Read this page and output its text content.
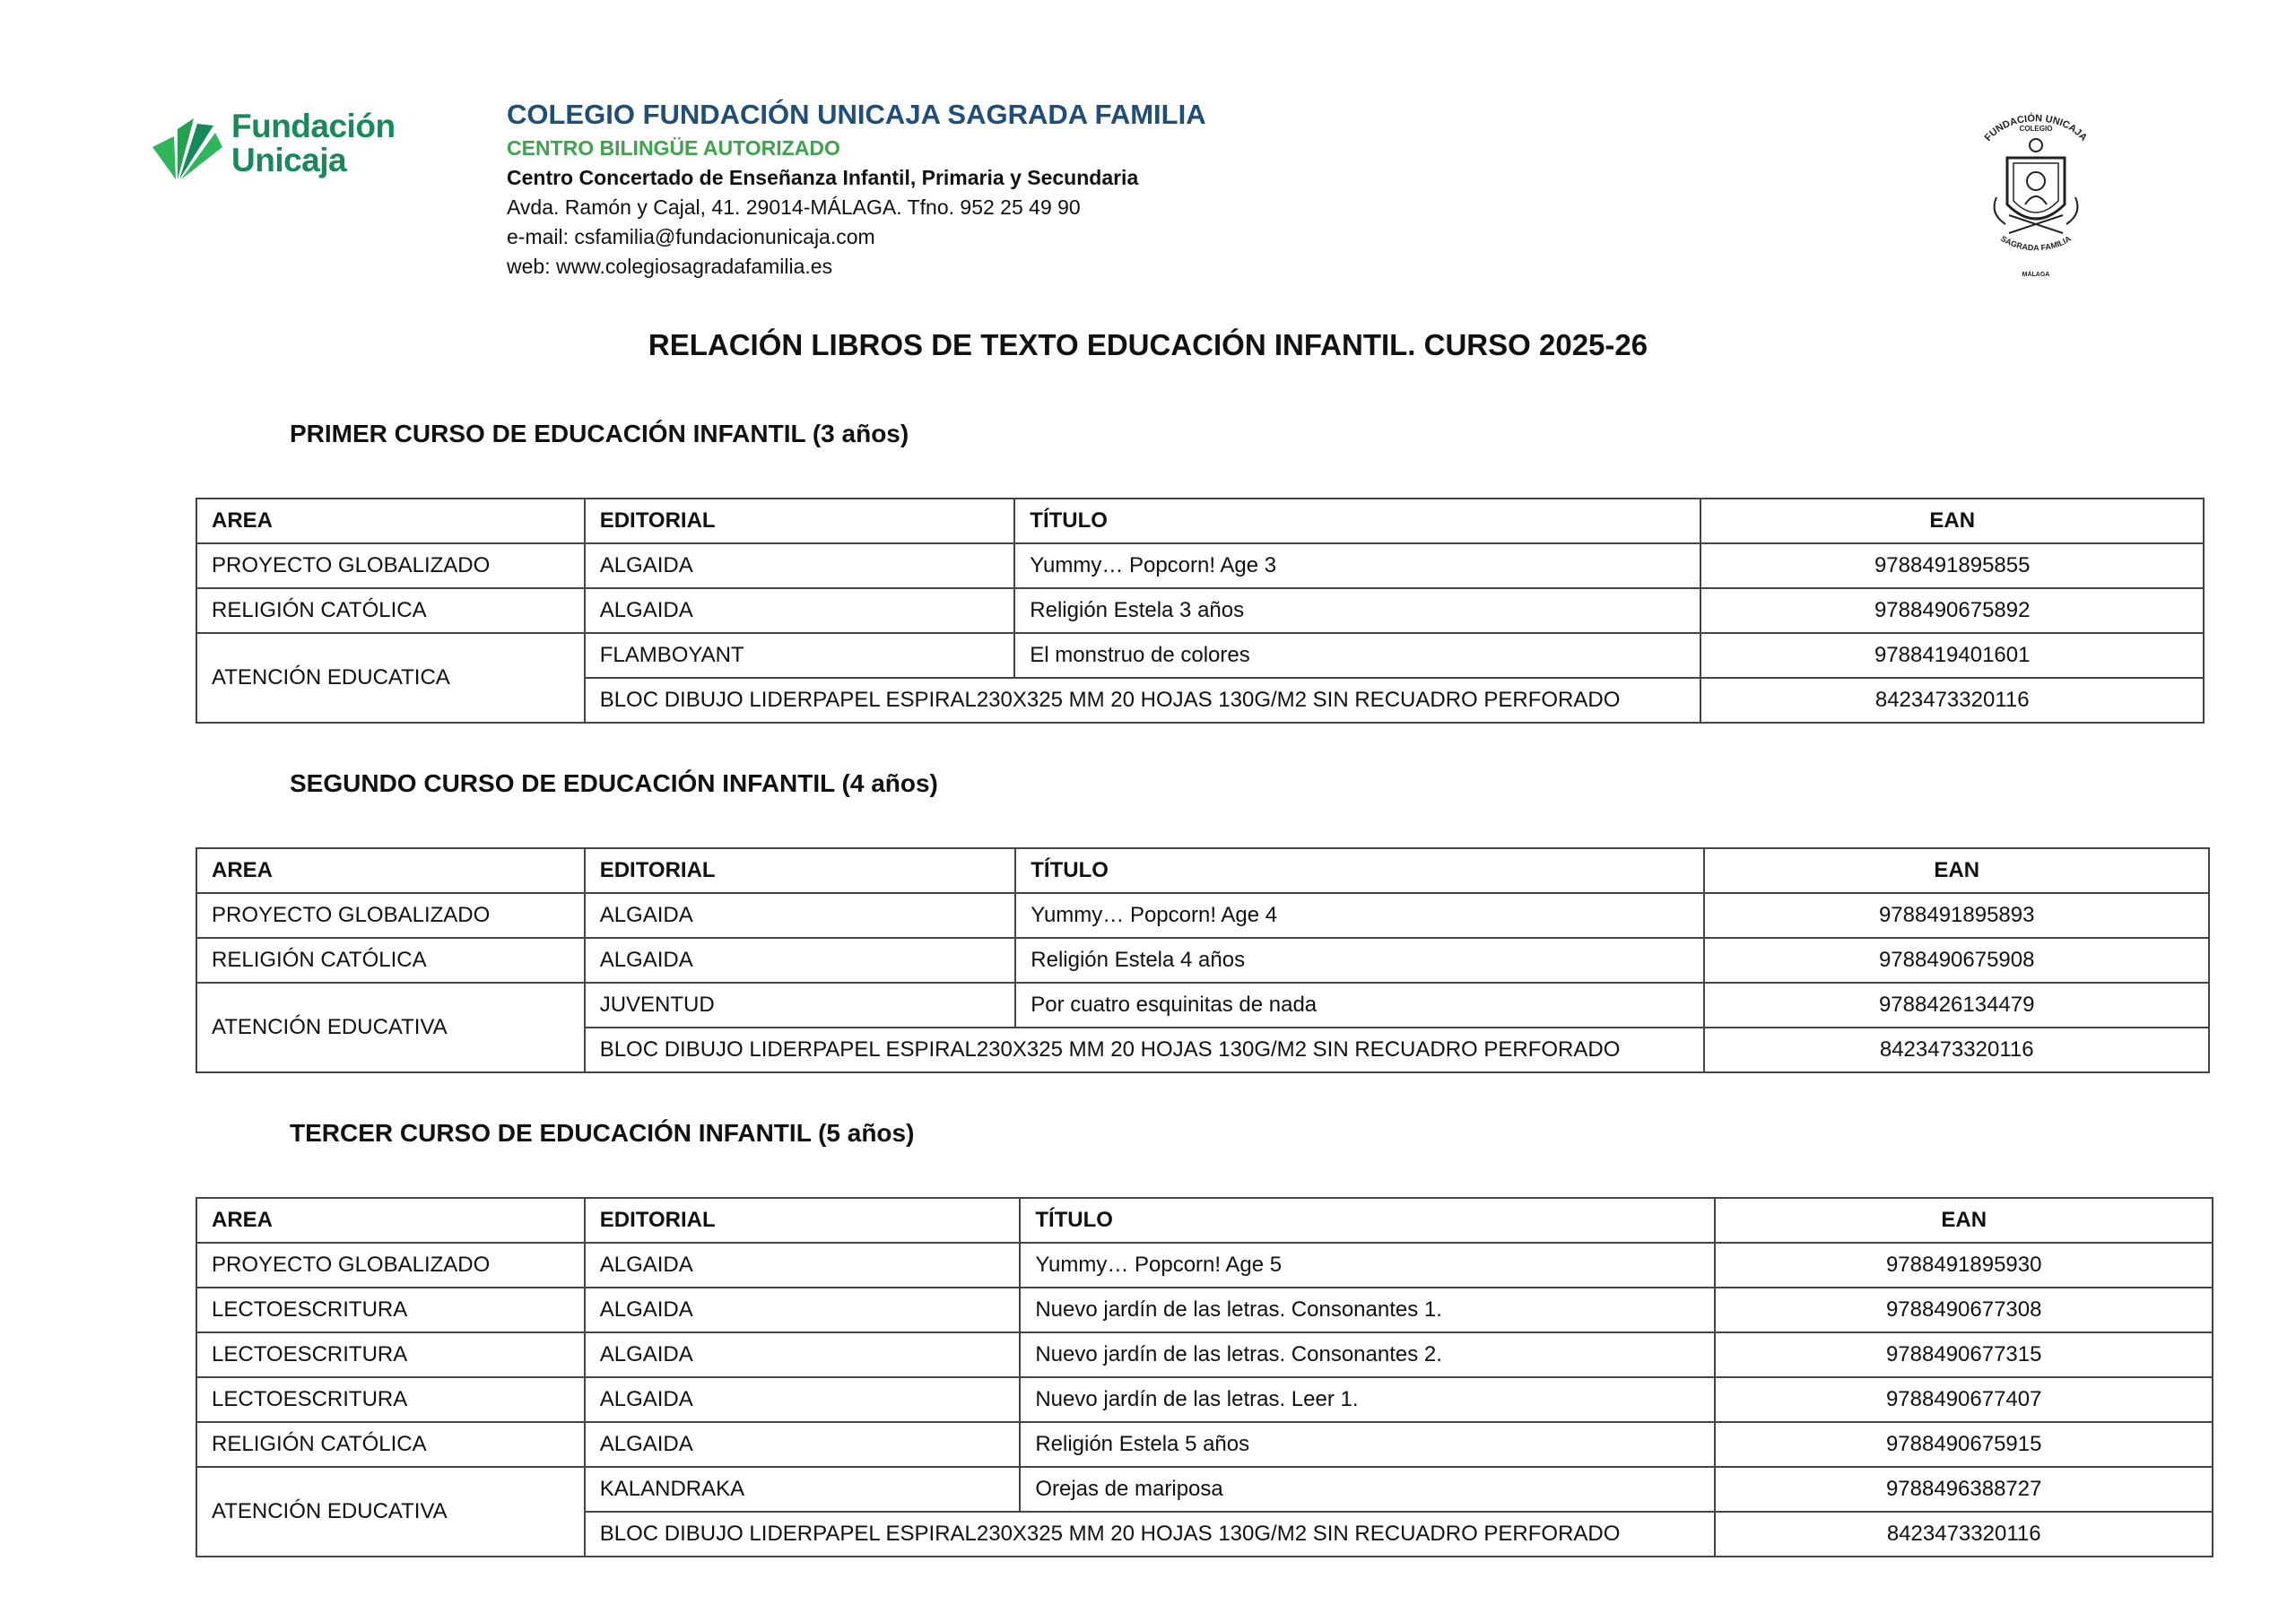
Fundación
Unicaja
COLEGIO FUNDACIÓN UNICAJA SAGRADA FAMILIA
CENTRO BILINGÜE AUTORIZADO
Centro Concertado de Enseñanza Infantil, Primaria y Secundaria
Avda. Ramón y Cajal, 41. 29014-MÁLAGA. Tfno. 952 25 49 90
e-mail: csfamilia@fundacionunicaja.com
web: www.colegiosagradafamilia.es
FUNDACIÓN UNICAJA
COLEGIO
SAGRADA FAMILIA
MÁLAGA
RELACIÓN LIBROS DE TEXTO EDUCACIÓN INFANTIL. CURSO 2025-26
PRIMER CURSO DE EDUCACIÓN INFANTIL (3 años)
AREA	EDITORIAL	TÍTULO	EAN
PROYECTO GLOBALIZADO	ALGAIDA	Yummy… Popcorn! Age 3	9788491895855
RELIGIÓN CATÓLICA	ALGAIDA	Religión Estela 3 años	9788490675892
ATENCIÓN EDUCATICA	FLAMBOYANT	El monstruo de colores	9788419401601
	BLOC DIBUJO LIDERPAPEL ESPIRAL230X325 MM 20 HOJAS 130G/M2 SIN RECUADRO PERFORADO		8423473320116
SEGUNDO CURSO DE EDUCACIÓN INFANTIL (4 años)
AREA	EDITORIAL	TÍTULO	EAN
PROYECTO GLOBALIZADO	ALGAIDA	Yummy… Popcorn! Age 4	9788491895893
RELIGIÓN CATÓLICA	ALGAIDA	Religión Estela 4 años	9788490675908
ATENCIÓN EDUCATIVA	JUVENTUD	Por cuatro esquinitas de nada	9788426134479
	BLOC DIBUJO LIDERPAPEL ESPIRAL230X325 MM 20 HOJAS 130G/M2 SIN RECUADRO PERFORADO		8423473320116
TERCER CURSO DE EDUCACIÓN INFANTIL (5 años)
AREA	EDITORIAL	TÍTULO	EAN
PROYECTO GLOBALIZADO	ALGAIDA	Yummy… Popcorn! Age 5	9788491895930
LECTOESCRITURA	ALGAIDA	Nuevo jardín de las letras. Consonantes 1.	9788490677308
LECTOESCRITURA	ALGAIDA	Nuevo jardín de las letras. Consonantes 2.	9788490677315
LECTOESCRITURA	ALGAIDA	Nuevo jardín de las letras. Leer 1.	9788490677407
RELIGIÓN CATÓLICA	ALGAIDA	Religión Estela 5 años	9788490675915
ATENCIÓN EDUCATIVA	KALANDRAKA	Orejas de mariposa	9788496388727
	BLOC DIBUJO LIDERPAPEL ESPIRAL230X325 MM 20 HOJAS 130G/M2 SIN RECUADRO PERFORADO		8423473320116
